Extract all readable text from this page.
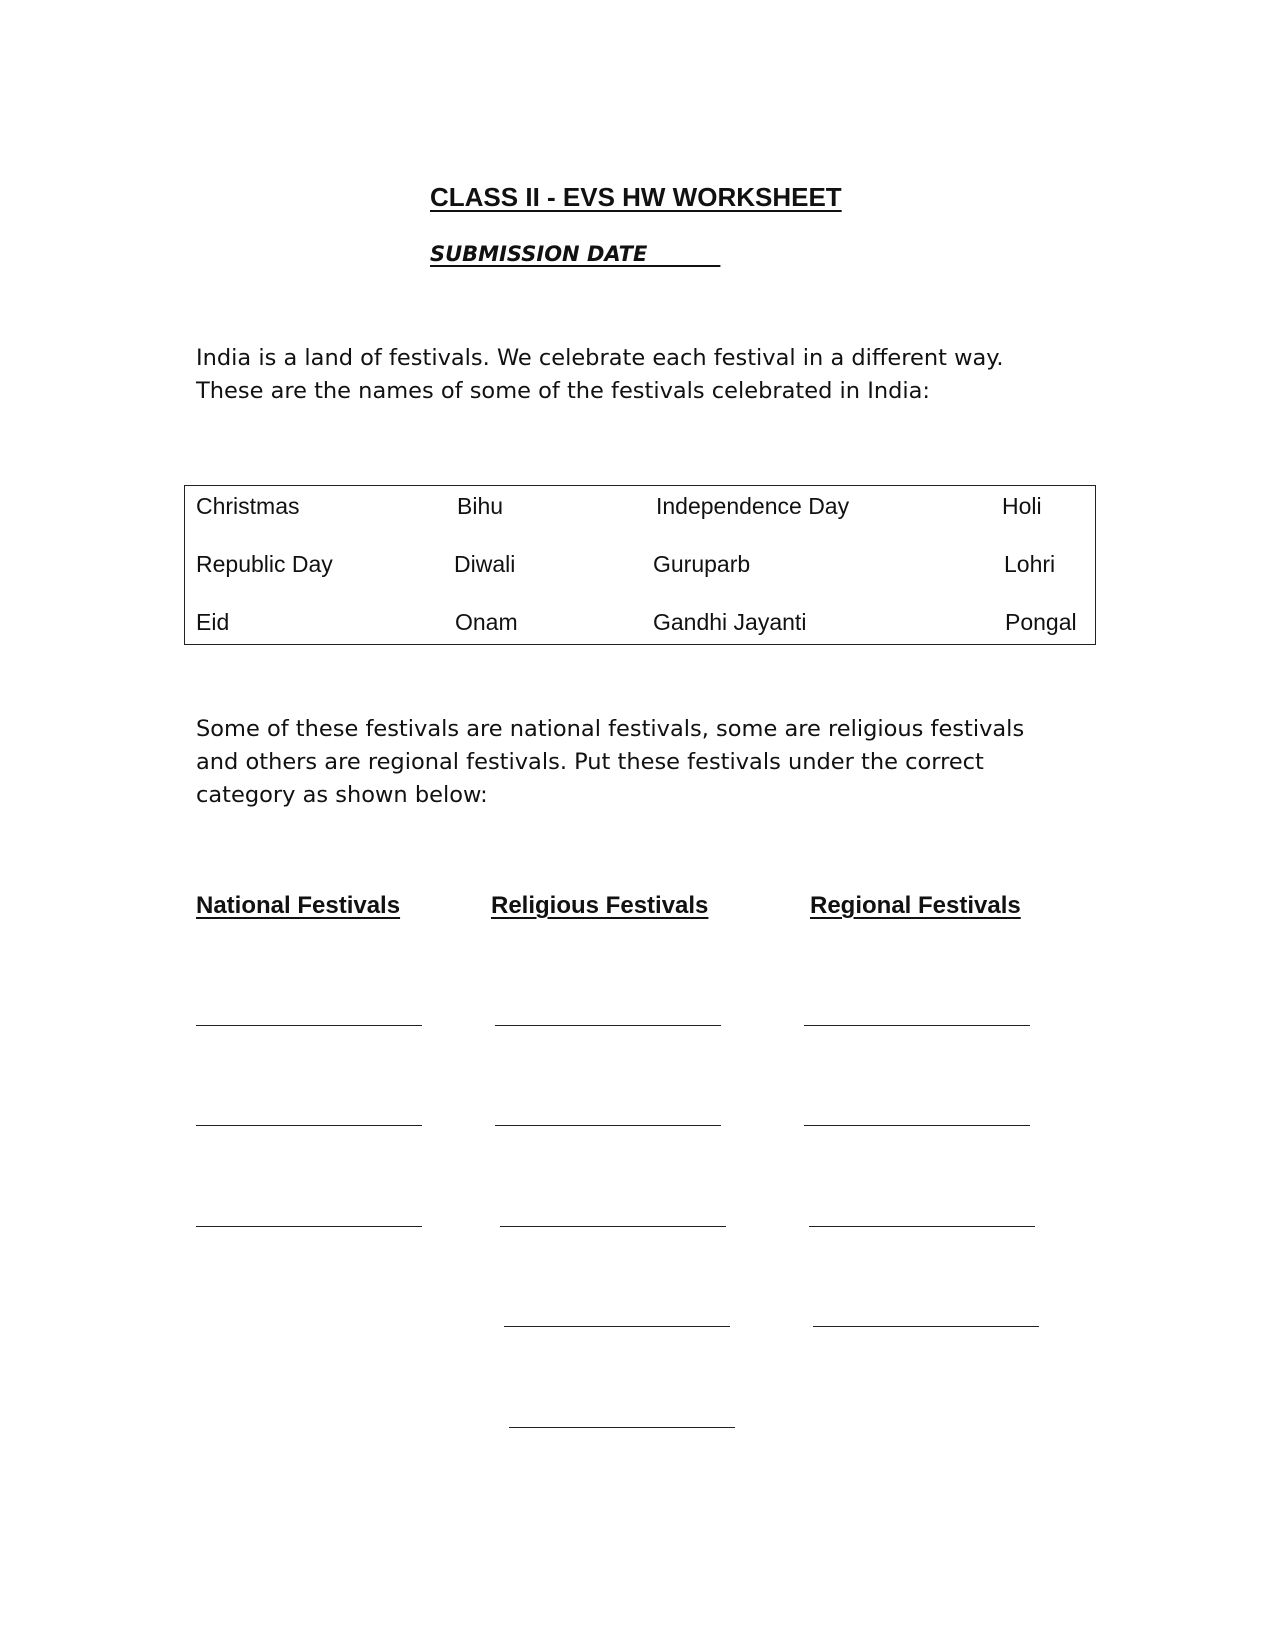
CLASS II - EVS HW WORKSHEET
SUBMISSION DATE

India is a land of festivals. We celebrate each festival in a different way.
These are the names of some of the festivals celebrated in India:

Christmas	Bihu	Independence Day	Holi
Republic Day	Diwali	Guruparb	Lohri
Eid	Onam	Gandhi Jayanti	Pongal

Some of these festivals are national festivals, some are religious festivals
and others are regional festivals. Put these festivals under the correct
category as shown below:

National Festivals	Religious Festivals	Regional Festivals
